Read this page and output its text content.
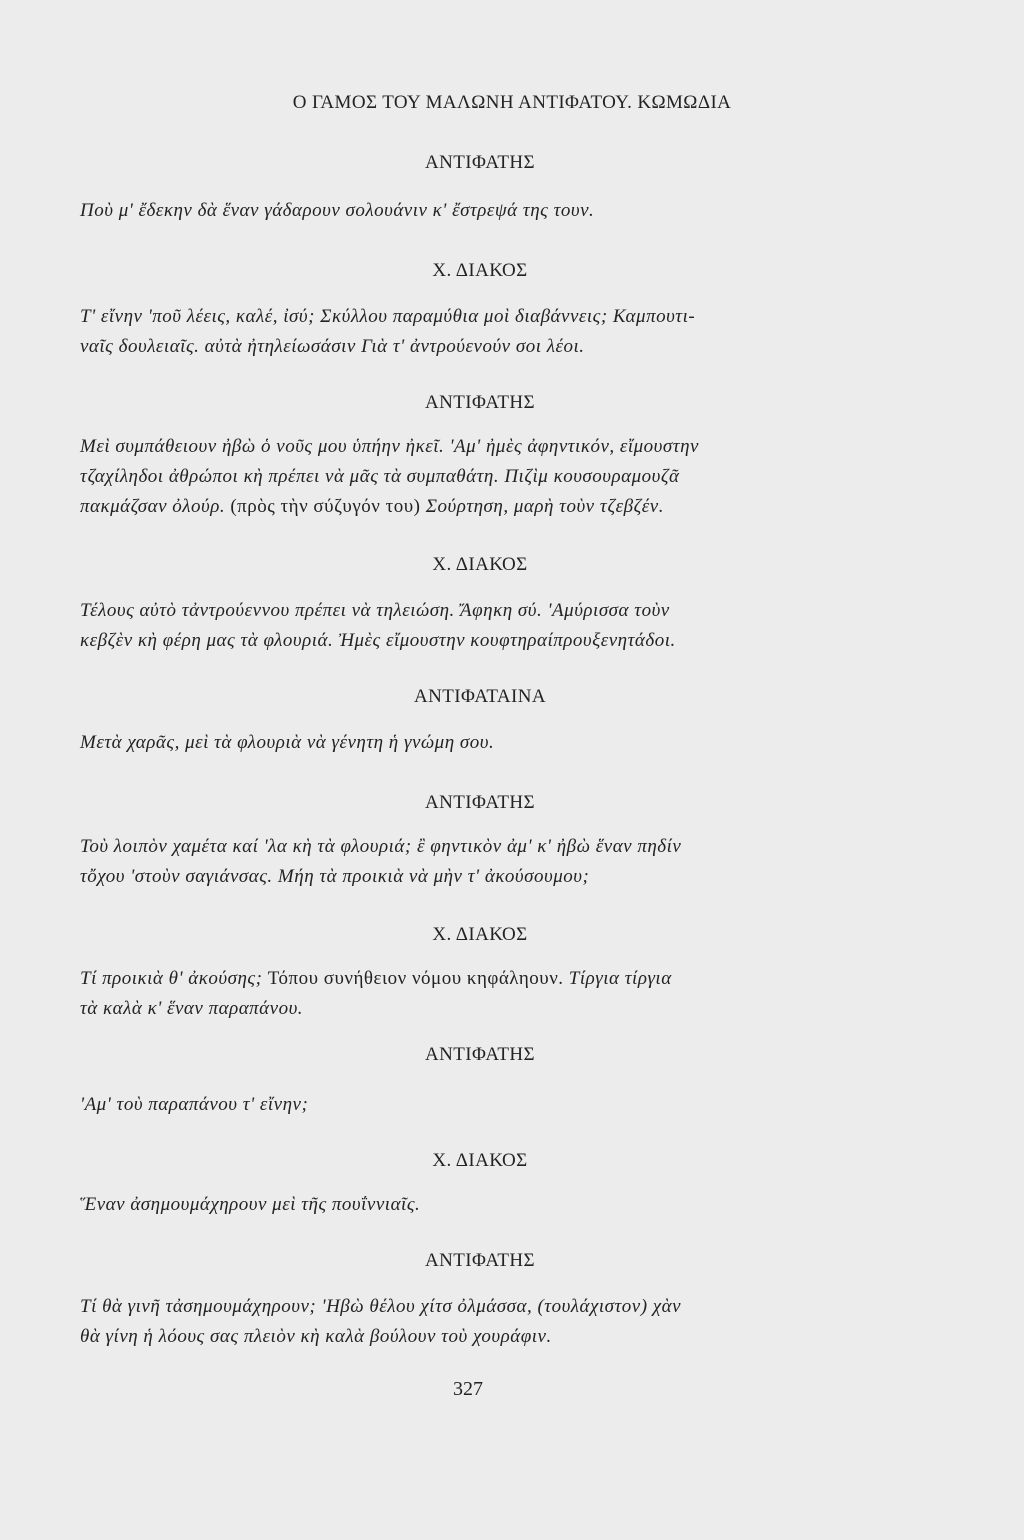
Ο ΓΑΜΟΣ ΤΟΥ ΜΑΛΩΝΗ ΑΝΤΙΦΑΤΟΥ. ΚΩΜΩΔΙΑ
ΑΝΤΙΦΑΤΗΣ
Ποὺ μ' ἔδεκην δὰ ἕναν γάδαρουν σολουάνιν κ' ἔστρεψά της τουν.
Χ. ΔΙΑΚΟΣ
Τ' εἴνην 'ποῦ λέεις, καλέ, ἰσύ; Σκύλλου παραμύθια μοὶ διαβάννεις; Καμπουτι-
ναῖς δουλειαῖς. αὐτὰ ἠτηλείωσάσιν Γιὰ τ' ἀντρούενούν σοι λέοι.
ΑΝΤΙΦΑΤΗΣ
Μεὶ συμπάθειουν ἠβὼ ὁ νοῦς μου ὑπήην ἠκεῖ. 'Αμ' ἠμὲς ἀφηντικόν, εἴμουστην
τζαχίληδοι ἀθρώποι κὴ πρέπει νὰ μᾶς τὰ συμπαθάτη. Πιζὶμ κουσουραμουζᾶ
πακμάζσαν ὀλούρ. (πρὸς τὴν σύζυγόν του) Σούρτηση, μαρὴ τοὺν τζεβζέν.
Χ. ΔΙΑΚΟΣ
Τέλους αὐτὸ τἀντρούεννου πρέπει νὰ τηλειώση. Ἄφηκη σύ. 'Αμύρισσα τοὺν
κεβζὲν κὴ φέρη μας τὰ φλουριά. Ἠμὲς εἴμουστην κουφτηραίπρουξενητάδοι.
ΑΝΤΙΦΑΤΑΙΝΑ
Μετὰ χαρᾶς, μεὶ τὰ φλουριὰ νὰ γένητη ἡ γνώμη σου.
ΑΝΤΙΦΑΤΗΣ
Τοὺ λοιπὸν χαμέτα καί 'λα κὴ τὰ φλουριά; ἒ φηντικὸν ἀμ' κ' ἠβὼ ἕναν πηδίν
τὄχου 'στοὺν σαγιάνσας. Μήη τὰ προικιὰ νὰ μὴν τ' ἀκούσουμου;
Χ. ΔΙΑΚΟΣ
Τί προικιὰ θ' ἀκούσης; Τόπου συνήθειον νόμου κηφάληουν. Τίργια τίργια
τὰ καλὰ κ' ἕναν παραπάνου.
ΑΝΤΙΦΑΤΗΣ
'Αμ' τοὺ παραπάνου τ' εἴνην;
Χ. ΔΙΑΚΟΣ
Ἕναν ἀσημουμάχηρουν μεὶ τῆς πουΐννιαῖς.
ΑΝΤΙΦΑΤΗΣ
Τί θὰ γινῆ τἀσημουμάχηρουν; 'Ηβὼ θέλου χίτσ ὀλμάσσα, (τουλάχιστον) χὰν
θὰ γίνη ἡ λόους σας πλειὸν κὴ καλὰ βούλουν τοὺ χουράφιν.
327
